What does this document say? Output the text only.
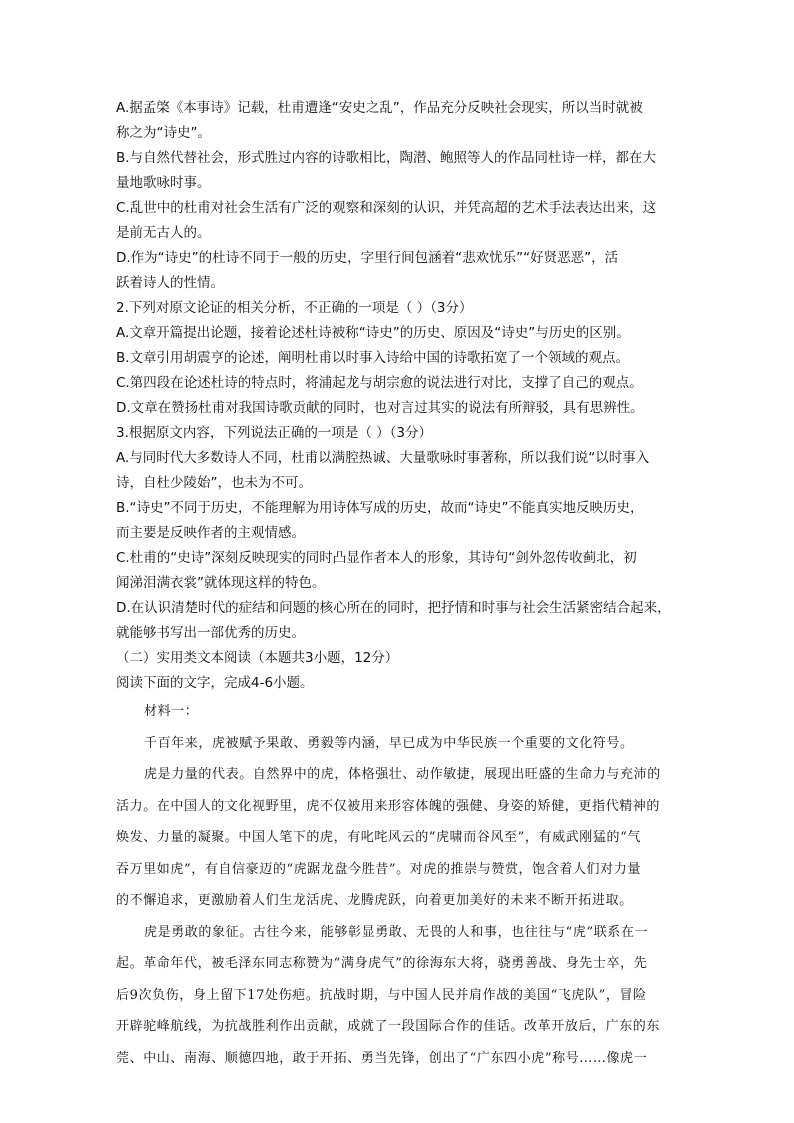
A.据孟棨《本事诗》记载，杜甫遭逢“安史之乱”，作品充分反映社会现实，所以当时就被
称之为“诗史”。
B.与自然代替社会，形式胜过内容的诗歌相比，陶潜、鲍照等人的作品同杜诗一样，都在大
量地歌咏时事。
C.乱世中的杜甫对社会生活有广泛的观察和深刻的认识，并凭高超的艺术手法表达出来，这
是前无古人的。
D.作为“诗史”的杜诗不同于一般的历史，字里行间包涵着“悲欢忧乐”“好贤恶恶”，活
跃着诗人的性情。
2.下列对原文论证的相关分析，不正确的一项是（ ）（3分）
A.文章开篇提出论题，接着论述杜诗被称“诗史”的历史、原因及“诗史”与历史的区别。
B.文章引用胡震亨的论述，阐明杜甫以时事入诗给中国的诗歌拓宽了一个领域的观点。
C.第四段在论述杜诗的特点时，将浦起龙与胡宗愈的说法进行对比，支撑了自己的观点。
D.文章在赞扬杜甫对我国诗歌贡献的同时，也对言过其实的说法有所辩驳，具有思辨性。
3.根据原文内容，下列说法正确的一项是（ ）（3分）
A.与同时代大多数诗人不同，杜甫以满腔热诚、大量歌咏时事著称，所以我们说“以时事入
诗，自杜少陵始”，也未为不可。
B.“诗史”不同于历史，不能理解为用诗体写成的历史，故而“诗史”不能真实地反映历史，
而主要是反映作者的主观情感。
C.杜甫的“史诗”深刻反映现实的同时凸显作者本人的形象，其诗句“剑外忽传收蓟北，初
闻涕泪满衣裳”就体现这样的特色。
D.在认识清楚时代的症结和问题的核心所在的同时，把抒情和时事与社会生活紧密结合起来，
就能够书写出一部优秀的历史。
（二）实用类文本阅读（本题共3小题，12分）
阅读下面的文字，完成4-6小题。
材料一：
千百年来，虎被赋予果敢、勇毅等内涵，早已成为中华民族一个重要的文化符号。
虎是力量的代表。自然界中的虎，体格强壮、动作敏捷，展现出旺盛的生命力与充沛的
活力。在中国人的文化视野里，虎不仅被用来形容体魄的强健、身姿的矫健，更指代精神的
焕发、力量的凝聚。中国人笔下的虎，有叱咤风云的“虎啸而谷风至”，有威武刚猛的“气
吞万里如虎”，有自信豪迈的“虎踞龙盘今胜昔”。对虎的推崇与赞赏，饱含着人们对力量
的不懈追求，更激励着人们生龙活虎、龙腾虎跃，向着更加美好的未来不断开拓进取。
虎是勇敢的象征。古往今来，能够彰显勇敢、无畏的人和事，也往往与“虎”联系在一
起。革命年代，被毛泽东同志称赞为“满身虎气”的徐海东大将，骁勇善战、身先士卒，先
后9次负伤，身上留下17处伤疤。抗战时期，与中国人民并肩作战的美国“飞虎队”，冒险
开辟驼峰航线，为抗战胜利作出贡献，成就了一段国际合作的佳话。改革开放后，广东的东
莞、中山、南海、顺德四地，敢于开拓、勇当先锋，创出了“广东四小虎”称号……像虎一
